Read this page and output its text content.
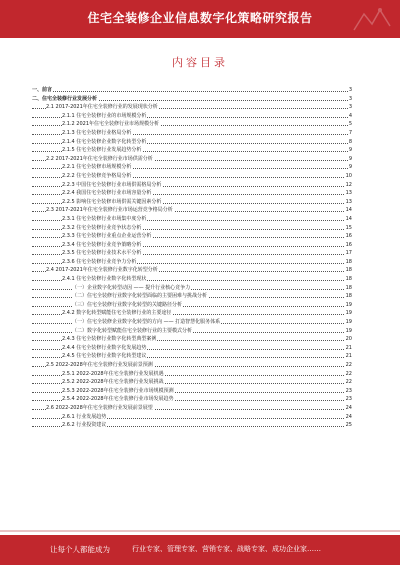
住宅全装修企业信息数字化策略研究报告
内容目录
一、前言	3
二、住宅全装修行业发展分析	3
2.1 2017-2021年住宅全装修行业的发展现状分析	3
2.1.1 住宅全装修行业的市场规模分析	4
2.1.2 2021年住宅全装修行业市场规模分析	5
2.1.3 住宅全装修行业格局分析	7
2.1.4 住宅全装修企业数字化转型分析	8
2.1.5 住宅全装修行业发展趋势分析	9
2.2 2017-2021年住宅全装修行业市场供需分析	9
2.2.1 住宅全装修市场规模分析	9
2.2.2 住宅全装修竞争格局分析	10
2.2.3 中国住宅全装修行业市场供需格局分析	12
2.2.4 我国住宅全装修行业市场容量分析	13
2.2.5 影响住宅全装修市场供需关键因素分析	13
2.3 2017-2021年住宅全装修行业市场运营竞争格局分析	14
2.3.1 住宅全装修行业市场集中度分析	14
2.3.2 住宅全装修行业竞争状态分析	15
2.3.3 住宅全装修行业重点企业运营分析	16
2.3.4 住宅全装修行业竞争策略分析	16
2.3.5 住宅全装修行业技术水平分析	17
2.3.6 住宅全装修行业竞争力分析	18
2.4 2017-2021年住宅全装修行业数字化转型分析	18
2.4.1 住宅全装修行业数字化转型现状	18
（一）企业数字化转型动因 —— 提升行业核心竞争力	18
（二）住宅全装修行业数字化转型面临的主要困难与挑战分析	18
（三）住宅全装修行业数字化转型的关键路径分析	19
2.4.2 数字化转型赋能住宅全装修行业的主要途径	19
（一）住宅全装修企业数字化转型的方向 —— 打造智慧化服务体系	19
（二）数字化转型赋能住宅全装修行业的主要模式分析	19
2.4.3 住宅全装修行业数字化转型典型案例	20
2.4.4 住宅全装修行业数字化发展趋势	21
2.4.5 住宅全装修行业数字化转型建议	21
2.5 2022-2028年住宅全装修行业发展前景预测	22
2.5.1 2022-2028年住宅全装修行业发展机遇	22
2.5.2 2022-2028年住宅全装修行业发展挑战	22
2.5.3 2022-2028年住宅全装修行业市场规模预测	23
2.5.4 2022-2028年住宅全装修行业市场发展趋势	23
2.6 2022-2028年住宅全装修行业发展前景展望	24
2.6.1 行业发展趋势	24
2.6.2 行业投资建议	25
让每个人都能成为	行业专家、管理专家、营销专家、战略专家、成功企业家……
